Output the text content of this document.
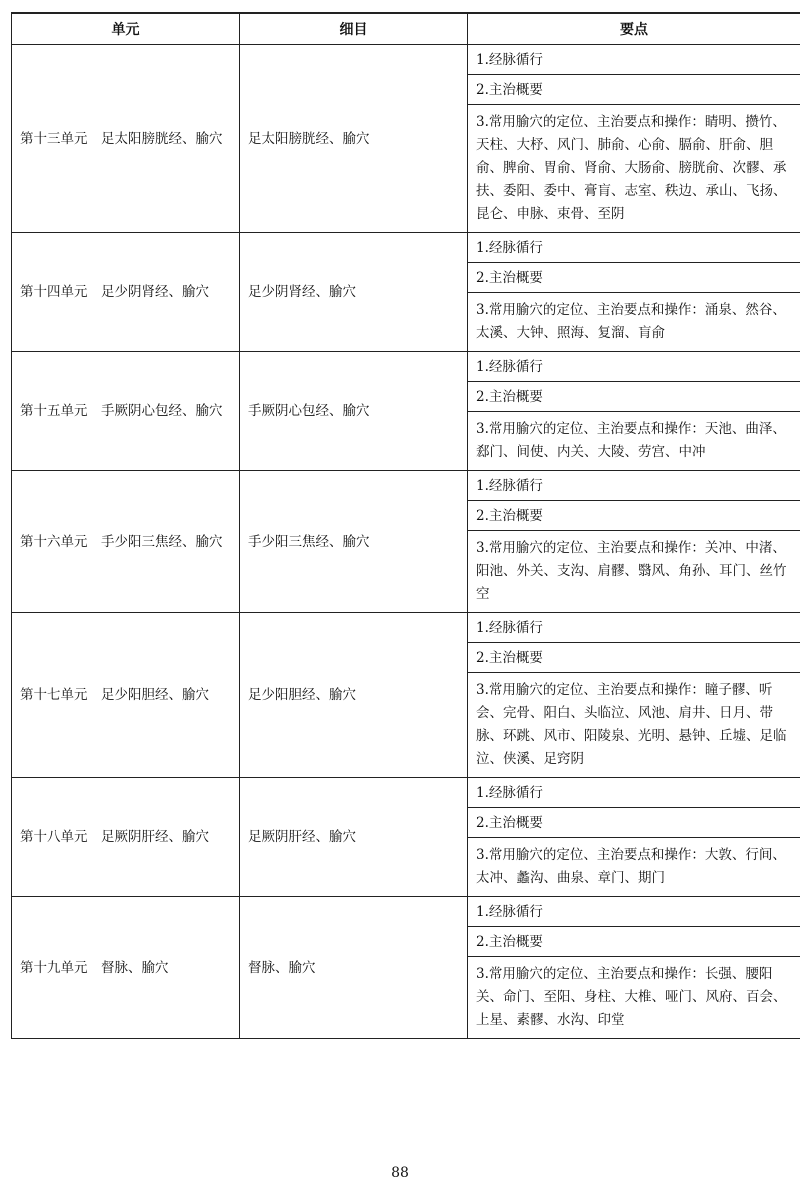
单元	细目	要点
第十三单元　足太阳膀胱经、腧穴	足太阳膀胱经、腧穴	1.经脉循行
		2.主治概要
		3.常用腧穴的定位、主治要点和操作：睛明、攒竹、天柱、大杼、风门、肺俞、心俞、膈俞、肝俞、胆俞、脾俞、胃俞、肾俞、大肠俞、膀胱俞、次髎、承扶、委阳、委中、膏肓、志室、秩边、承山、飞扬、昆仑、申脉、束骨、至阴
第十四单元　足少阴肾经、腧穴	足少阴肾经、腧穴	1.经脉循行
		2.主治概要
		3.常用腧穴的定位、主治要点和操作：涌泉、然谷、太溪、大钟、照海、复溜、肓俞
第十五单元　手厥阴心包经、腧穴	手厥阴心包经、腧穴	1.经脉循行
		2.主治概要
		3.常用腧穴的定位、主治要点和操作：天池、曲泽、郄门、间使、内关、大陵、劳宫、中冲
第十六单元　手少阳三焦经、腧穴	手少阳三焦经、腧穴	1.经脉循行
		2.主治概要
		3.常用腧穴的定位、主治要点和操作：关冲、中渚、阳池、外关、支沟、肩髎、翳风、角孙、耳门、丝竹空
第十七单元　足少阳胆经、腧穴	足少阳胆经、腧穴	1.经脉循行
		2.主治概要
		3.常用腧穴的定位、主治要点和操作：瞳子髎、听会、完骨、阳白、头临泣、风池、肩井、日月、带脉、环跳、风市、阳陵泉、光明、悬钟、丘墟、足临泣、侠溪、足窍阴
第十八单元　足厥阴肝经、腧穴	足厥阴肝经、腧穴	1.经脉循行
		2.主治概要
		3.常用腧穴的定位、主治要点和操作：大敦、行间、太冲、蠡沟、曲泉、章门、期门
第十九单元　督脉、腧穴	督脉、腧穴	1.经脉循行
		2.主治概要
		3.常用腧穴的定位、主治要点和操作：长强、腰阳关、命门、至阳、身柱、大椎、哑门、风府、百会、上星、素髎、水沟、印堂
88
